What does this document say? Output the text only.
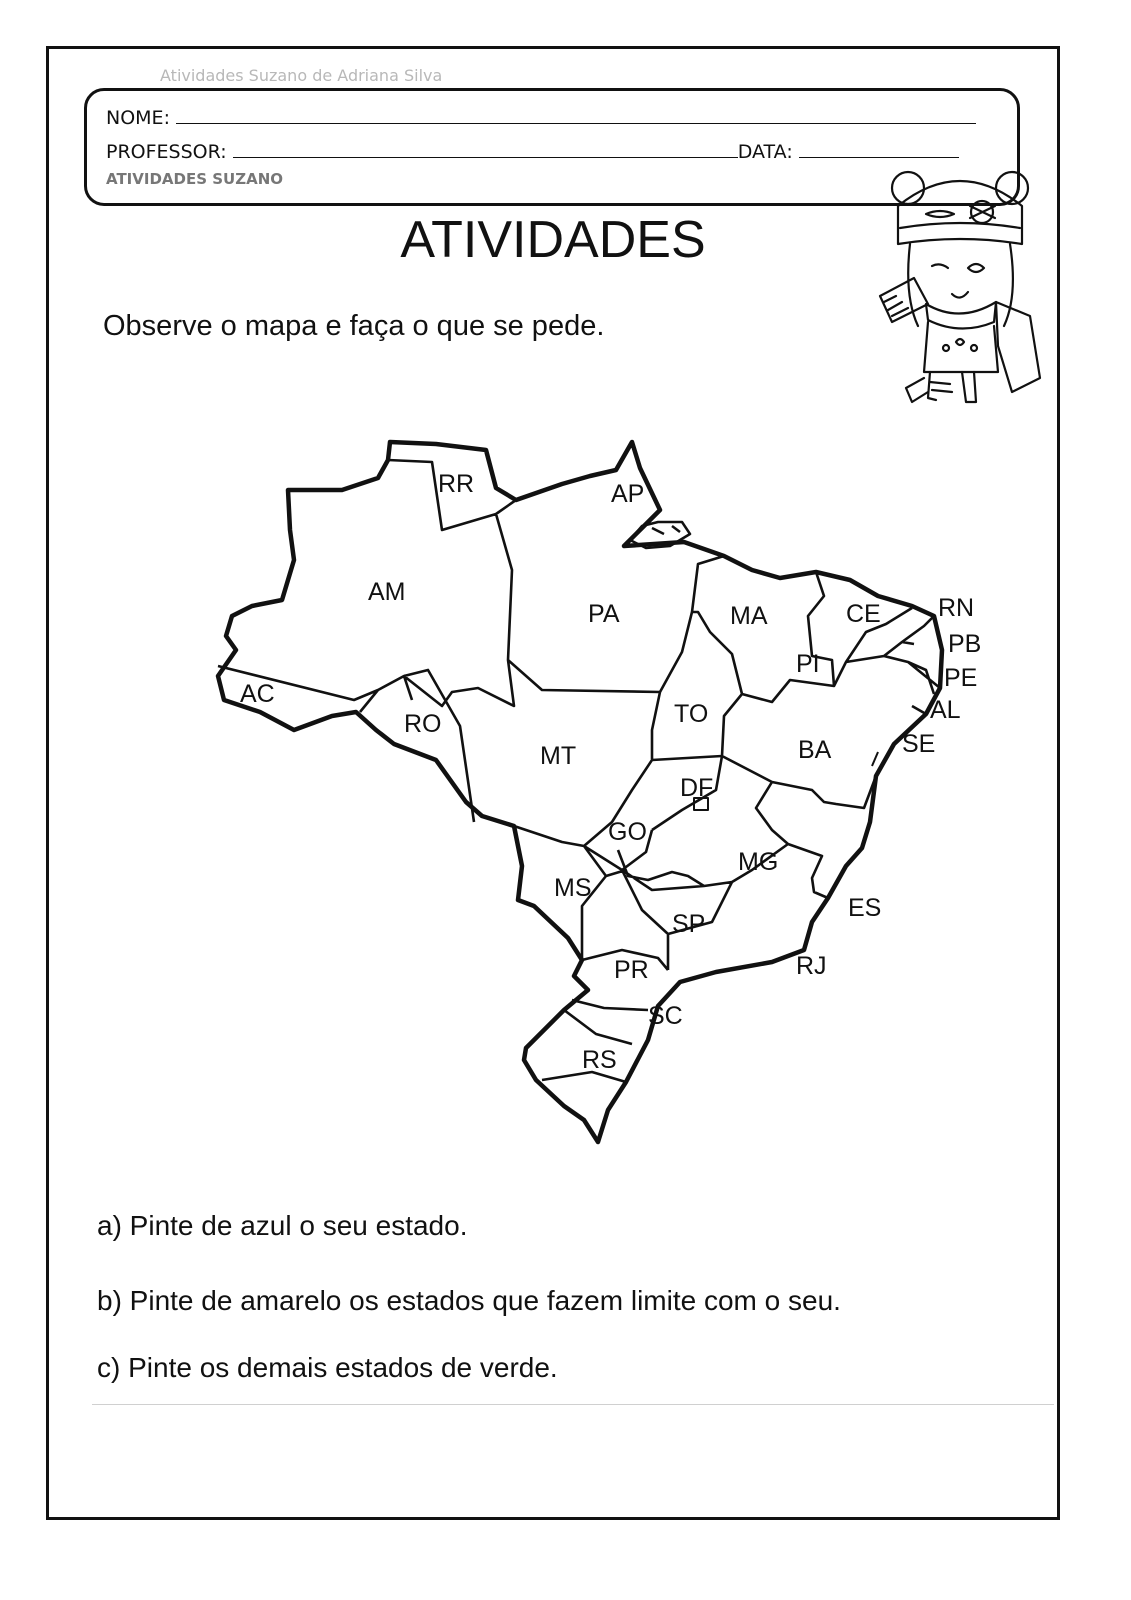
Atividades Suzano de Adriana Silva
NOME:
PROFESSOR:	DATA:
ATIVIDADES SUZANO
ATIVIDADES
Observe o mapa e faça o que se pede.
RR	AP
AM
PA	MA	CE RN
PB
PE
AL
SE
PI
AC
RO	TO
BA
MT
DF
GO
MG
MS
ES
SP
RJ
PR
SC
RS
a) Pinte de azul o seu estado.
b) Pinte de amarelo os estados que fazem limite com o seu.
c) Pinte os demais estados de verde.
